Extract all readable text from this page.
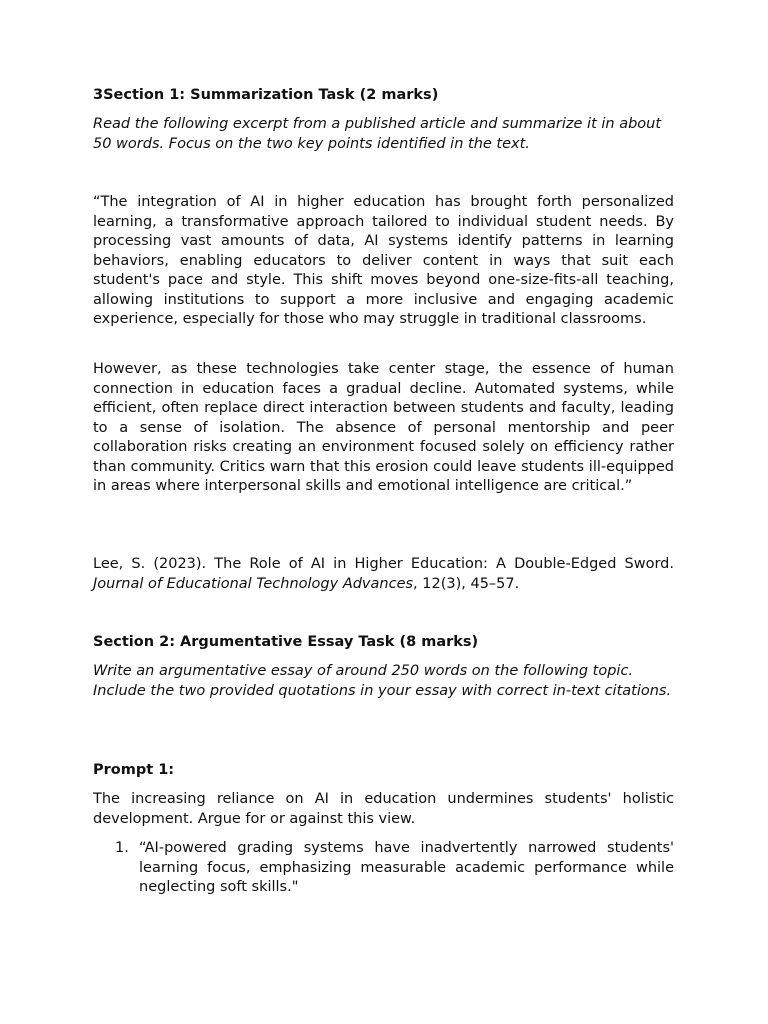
3Section 1: Summarization Task (2 marks)

Read the following excerpt from a published article and summarize it in about 50 words. Focus on the two key points identified in the text.

“The integration of AI in higher education has brought forth personalized learning, a transformative approach tailored to individual student needs. By processing vast amounts of data, AI systems identify patterns in learning behaviors, enabling educators to deliver content in ways that suit each student's pace and style. This shift moves beyond one-size-fits-all teaching, allowing institutions to support a more inclusive and engaging academic experience, especially for those who may struggle in traditional classrooms.

However, as these technologies take center stage, the essence of human connection in education faces a gradual decline. Automated systems, while efficient, often replace direct interaction between students and faculty, leading to a sense of isolation. The absence of personal mentorship and peer collaboration risks creating an environment focused solely on efficiency rather than community. Critics warn that this erosion could leave students ill-equipped in areas where interpersonal skills and emotional intelligence are critical.”

Lee, S. (2023). The Role of AI in Higher Education: A Double-Edged Sword. Journal of Educational Technology Advances, 12(3), 45–57.

Section 2: Argumentative Essay Task (8 marks)

Write an argumentative essay of around 250 words on the following topic. Include the two provided quotations in your essay with correct in-text citations.

Prompt 1:

The increasing reliance on AI in education undermines students' holistic development. Argue for or against this view.

1. “AI-powered grading systems have inadvertently narrowed students' learning focus, emphasizing measurable academic performance while neglecting soft skills."
